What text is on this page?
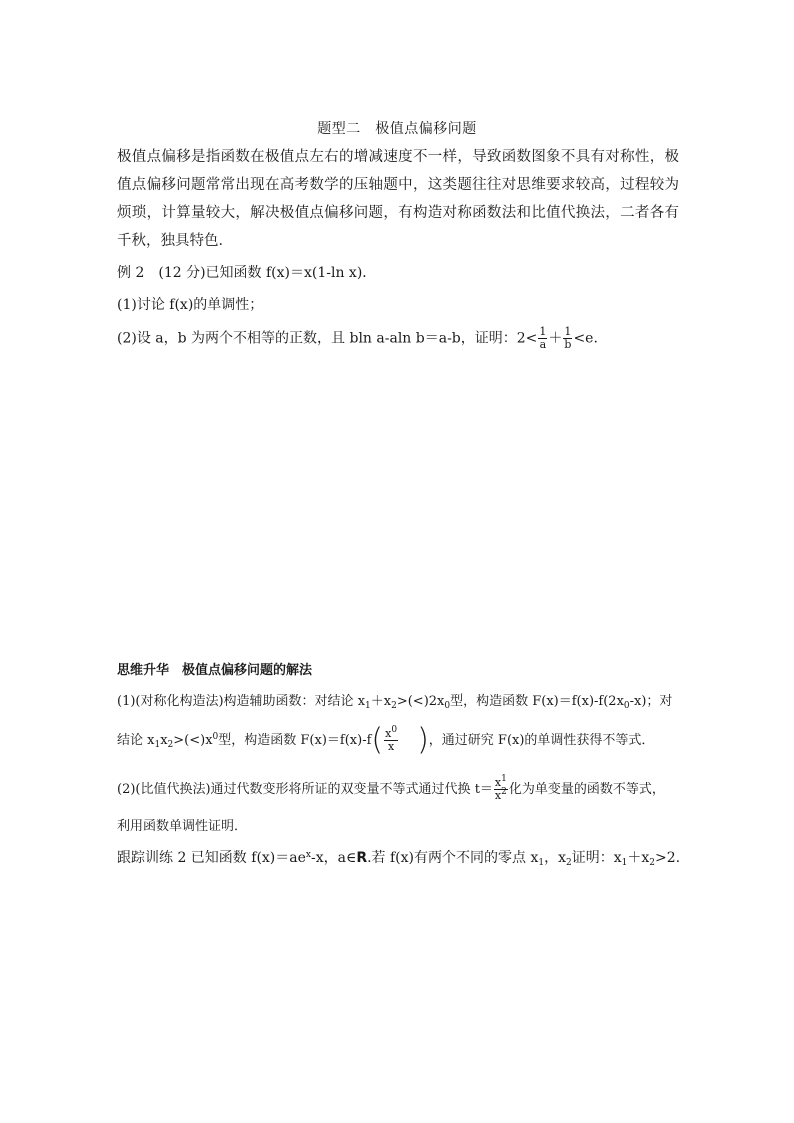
题型二　极值点偏移问题
极值点偏移是指函数在极值点左右的增减速度不一样，导致函数图象不具有对称性，极值点偏移问题常常出现在高考数学的压轴题中，这类题往往对思维要求较高，过程较为烦琐，计算量较大，解决极值点偏移问题，有构造对称函数法和比值代换法，二者各有千秋，独具特色．
例 2　(12 分)已知函数 f(x)＝x(1-ln x)．
(1)讨论 f(x)的单调性；
(2)设 a，b 为两个不相等的正数，且 bln a-aln b＝a-b，证明：$2< \frac{1}{a} + \frac{1}{b} <e$.
思维升华　极值点偏移问题的解法
(1)(对称化构造法)构造辅助函数：对结论 $x_1+x_2>(<)2x_0$型，构造函数 $F(x)=f(x)-f(2x_0-x)$；对
结论 $x_1x_2>(<)x^0$型，构造函数 $F(x)=f(x)-f( \frac{x^0}{x}$ )，通过研究 F(x)的单调性获得不等式．
(2)(比值代换法)通过代数变形将所证的双变量不等式通过代换 $t= \frac{x^1}{x^2}$ 化为单变量的函数不等式，
利用函数单调性证明．
跟踪训练 2 已知函数 $f(x)=ae^x-x$，a∈R.若 f(x)有两个不同的零点 $x_1$，$x_2$证明：$x_1+x_2>2$.
